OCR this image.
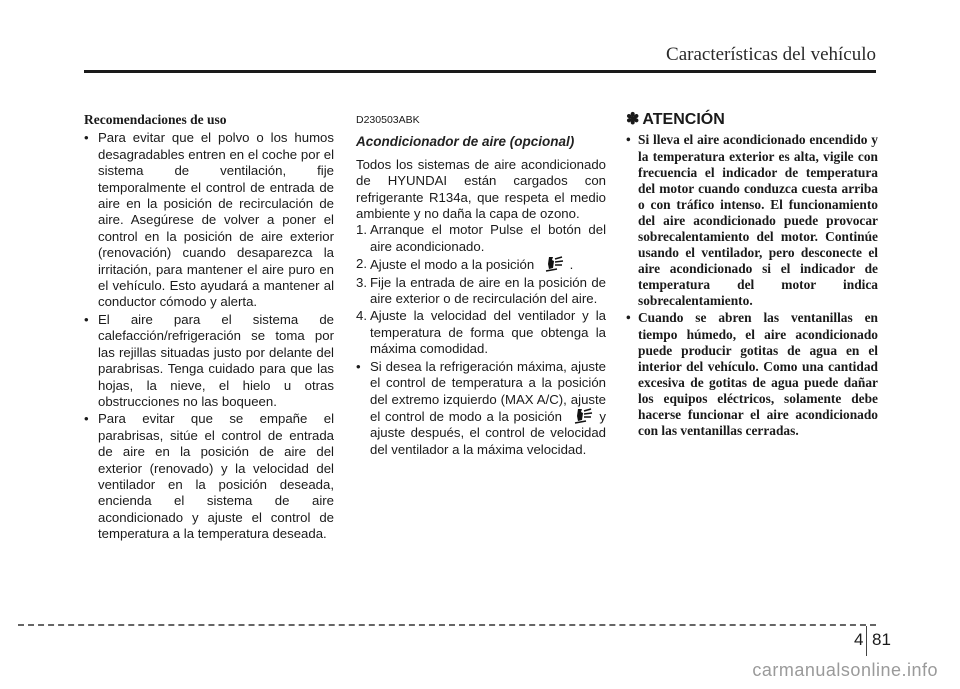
Características del vehículo
Recomendaciones de uso
• Para evitar que el polvo o los humos desagradables entren en el coche por el sistema de ventilación, fije temporalmente el control de entrada de aire en la posición de recirculación de aire. Asegúrese de volver a poner el control en la posición de aire exterior (renovación) cuando desaparezca la irritación, para mantener el aire puro en el vehículo. Esto ayudará a mantener al conductor cómodo y alerta.
• El aire para el sistema de calefacción/refrigeración se toma por las rejillas situadas justo por delante del parabrisas. Tenga cuidado para que las hojas, la nieve, el hielo u otras obstrucciones no las boqueen.
• Para evitar que se empañe el parabrisas, sitúe el control de entrada de aire en la posición de aire del exterior (renovado) y la velocidad del ventilador en la posición deseada, encienda el sistema de aire acondicionado y ajuste el control de temperatura a la temperatura deseada.
D230503ABK
Acondicionador de aire (opcional)

Todos los sistemas de aire acondicionado de HYUNDAI están cargados con refrigerante R134a, que respeta el medio ambiente y no daña la capa de ozono.

1. Arranque el motor Pulse el botón del aire acondicionado.
2. Ajuste el modo a la posición	.
3. Fije la entrada de aire en la posición de aire exterior o de recirculación del aire.
4. Ajuste la velocidad del ventilador y la temperatura de forma que obtenga la máxima comodidad.
• Si desea la refrigeración máxima, ajuste el control de temperatura a la posición del extremo izquierdo (MAX A/C), ajuste el control de modo a la posición	y ajuste después, el control de velocidad del ventilador a la máxima velocidad.
✽ ATENCIÓN
• Si lleva el aire acondicionado encendido y la temperatura exterior es alta, vigile con frecuencia el indicador de temperatura del motor cuando conduzca cuesta arriba o con tráfico intenso. El funcionamiento del aire acondicionado puede provocar sobrecalentamiento del motor. Continúe usando el ventilador, pero desconecte el aire acondicionado si el indicador de temperatura del motor indica sobrecalentamiento.
• Cuando se abren las ventanillas en tiempo húmedo, el aire acondicionado puede producir gotitas de agua en el interior del vehículo. Como una cantidad excesiva de gotitas de agua puede dañar los equipos eléctricos, solamente debe hacerse funcionar el aire acondicionado con las ventanillas cerradas.
4 81
carmanualsonline.info
